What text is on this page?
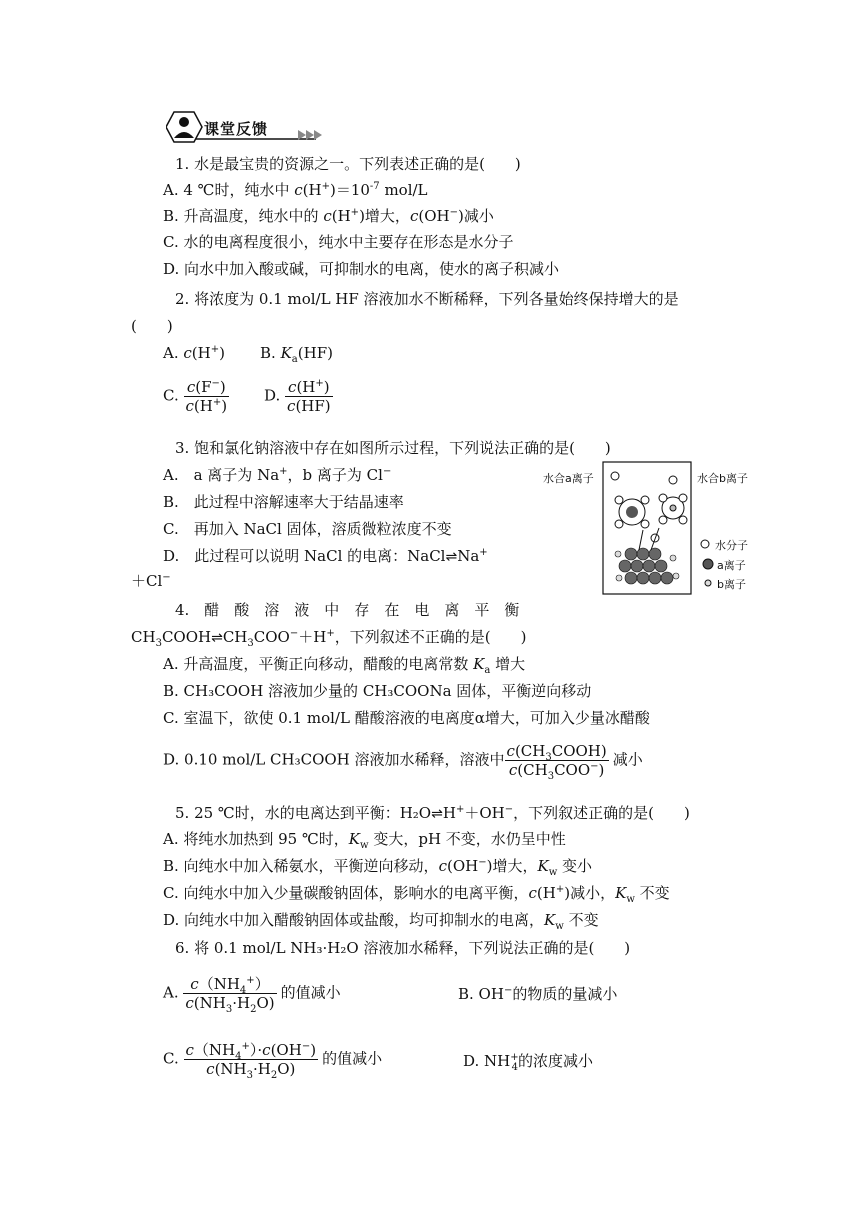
课堂反馈
1. 水是最宝贵的资源之一。下列表述正确的是(　　)
A. 4 ℃时，纯水中 $c(H^+)=10^{-7}$ mol/L
B. 升高温度，纯水中的 c(H+)增大，c(OH−)减小
C. 水的电离程度很小，纯水中主要存在形态是水分子
D. 向水中加入酸或碱，可抑制水的电离，使水的离子积减小
2. 将浓度为 0.1 mol/L HF 溶液加水不断稀释，下列各量始终保持增大的是
(　　)
A. c(H+) B. $K_a(HF)$
C. $\frac{c(F^-)}{c(H^+)} D$. $\frac{c(H^+)}{c(HF)}$
3. 饱和氯化钠溶液中存在如图所示过程，下列说法正确的是(　　)
A.　a 离子为 Na+，b 离子为 Cl−
B.　此过程中溶解速率大于结晶速率
C.　再加入 NaCl 固体，溶质微粒浓度不变
D.　此过程可以说明 NaCl 的电离：NaCl⇌Na+
＋Cl−
水合a离子	水合b离子
水分子
a离子
b离子
4.　醋　酸　溶　液　中　存　在　电　离　平　衡
$CH_3COOH\rightleftharpoons CH_3COO^-+H^+$，下列叙述不正确的是(　　)
A. 升高温度，平衡正向移动，醋酸的电离常数 $K_a$ 增大
B. CH₃COOH 溶液加少量的 CH₃COONa 固体，平衡逆向移动
C. 室温下，欲使 0.1 mol/L 醋酸溶液的电离度α增大，可加入少量冰醋酸
D. 0.10 mol/L CH₃COOH 溶液加水稀释，溶液中 $\frac{c(CH_3COOH)}{c(CH_3COO^-)}$ 减小
5. 25 ℃时，水的电离达到平衡：H₂O⇌H+＋OH−，下列叙述正确的是(　　)
A. 将纯水加热到 95 ℃时，$K_w$ 变大，pH 不变，水仍呈中性
B. 向纯水中加入稀氨水，平衡逆向移动，c(OH−)增大，$K_w$ 变小
C. 向纯水中加入少量碳酸钠固体，影响水的电离平衡，c(H+)减小，$K_w$ 不变
D. 向纯水中加入醋酸钠固体或盐酸，均可抑制水的电离，$K_w$ 不变
6. 将 0.1 mol/L NH₃·H₂O 溶液加水稀释，下列说法正确的是(　　)
A. $\frac{c(NH_4^+)}{c(NH_3\cdot H_2O)}$ 的值减小	B. OH−的物质的量减小
C. $\frac{c(NH_4^+)\cdot c(OH^-)}{c(NH_3\cdot H_2O)}$ 的值减小	D. $NH^+_4$的浓度减小
